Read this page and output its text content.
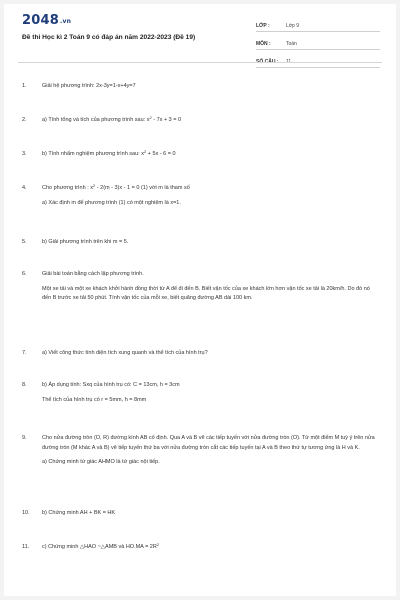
2048.vn
Đề thi Học kì 2 Toán 9 có đáp án năm 2022-2023 (Đề 19)
LỚP :	Lớp 9
MÔN :	Toán
SỐ CÂU :	11
1.	Giải hệ phương trình: 2x-3y=1-x+4y=7
2.	a) Tính tổng và tích của phương trình sau: $x^2 - 7x + 3 = 0$
3.	b) Tính nhẩm nghiệm phương trình sau: $x^2 + 5x - 6 = 0$
4.	Cho phương trình : $x^2 - 2(m - 3)x - 1 = 0$ (1) với m là tham số
a) Xác định m để phương trình (1) có một nghiệm là x=1.
5.	b) Giải phương trình trên khi m = 5.
6.	Giải bài toán bằng cách lập phương trình.
Một xe tải và một xe khách khởi hành đồng thời từ A để đi đến B. Biết vận tốc của xe khách lớn hơn vận tốc xe tải là 20km/h. Do đó nó đến B trước xe tải 50 phút. Tính vận tốc của mỗi xe, biết quãng đường AB dài 100 km.
7.	a) Viết công thức tính diện tích xung quanh và thể tích của hình trụ?
8.	b) Áp dụng tính: Sxq của hình trụ có: C = 13cm, h = 3cm
Thể tích của hình trụ có r = 5mm, h = 8mm
9.	Cho nửa đường tròn (O, R) đường kính AB cố định. Qua A và B vẽ các tiếp tuyến với nửa đường tròn (O). Từ một điểm M tuỳ ý trên nửa đường tròn (M khác A và B) vẽ tiếp tuyến thứ ba với nửa đường tròn cắt các tiếp tuyến tại A và B theo thứ tự tương ứng là H và K.
a) Chứng minh tứ giác AHMO là tứ giác nội tiếp.
10.	b) Chứng minh AH + BK = HK
11.	c) Chứng minh △HAO ~△AMB và $HO.MA = 2R^2$
